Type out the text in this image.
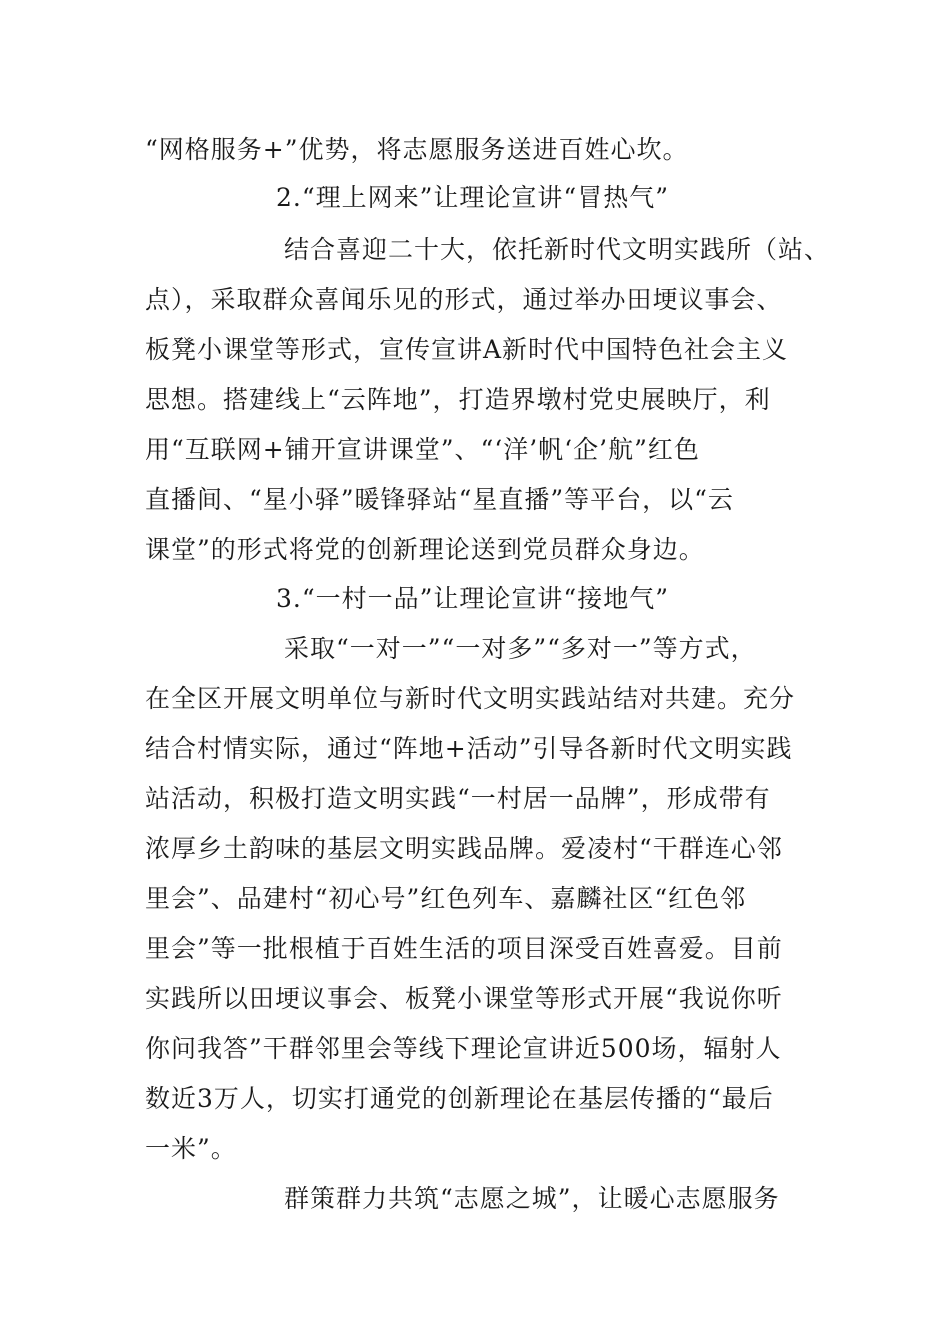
“网格服务+”优势，将志愿服务送进百姓心坎。
2.“理上网来”让理论宣讲“冒热气”
结合喜迎二十大，依托新时代文明实践所（站、
点），采取群众喜闻乐见的形式，通过举办田埂议事会、
板凳小课堂等形式，宣传宣讲A新时代中国特色社会主义
思想。搭建线上“云阵地”，打造界墩村党史展映厅，利
用“互联网+铺开宣讲课堂”、“‘洋’帆‘企’航”红色
直播间、“星小驿”暖锋驿站“星直播”等平台，以“云
课堂”的形式将党的创新理论送到党员群众身边。
3.“一村一品”让理论宣讲“接地气”
采取“一对一”“一对多”“多对一”等方式，
在全区开展文明单位与新时代文明实践站结对共建。充分
结合村情实际，通过“阵地+活动”引导各新时代文明实践
站活动，积极打造文明实践“一村居一品牌”，形成带有
浓厚乡土韵味的基层文明实践品牌。爱凌村“干群连心邻
里会”、品建村“初心号”红色列车、嘉麟社区“红色邻
里会”等一批根植于百姓生活的项目深受百姓喜爱。目前
实践所以田埂议事会、板凳小课堂等形式开展“我说你听
你问我答”干群邻里会等线下理论宣讲近500场，辐射人
数近3万人，切实打通党的创新理论在基层传播的“最后
一米”。
群策群力共筑“志愿之城”，让暖心志愿服务
